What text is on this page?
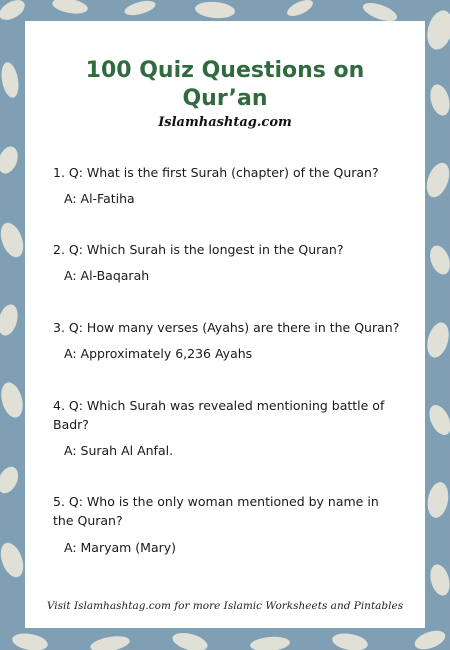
100 Quiz Questions on
Qur’an
Islamhashtag.com
1. Q: What is the first Surah (chapter) of the Quran?
A: Al-Fatiha
2. Q: Which Surah is the longest in the Quran?
A: Al-Baqarah
3. Q: How many verses (Ayahs) are there in the Quran?
A: Approximately 6,236 Ayahs
4. Q: Which Surah was revealed mentioning battle of Badr?
A: Surah Al Anfal.
5. Q: Who is the only woman mentioned by name in the Quran?
A: Maryam (Mary)
Visit Islamhashtag.com for more Islamic Worksheets and Pintables
